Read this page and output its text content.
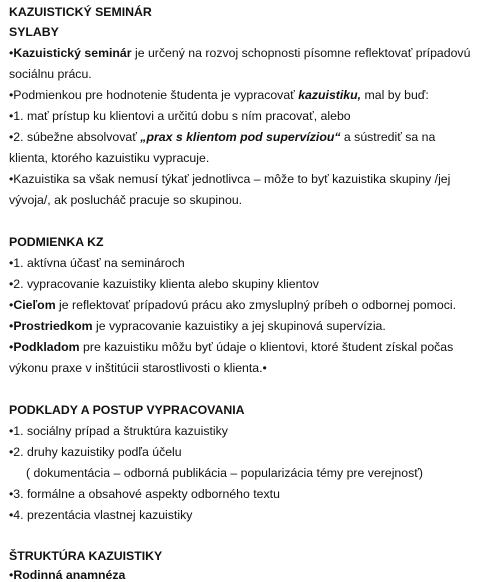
KAZUISTICKÝ SEMINÁR
SYLABY
•Kazuistický seminár je určený na rozvoj schopnosti písomne reflektovať prípadovú
sociálnu prácu.
•Podmienkou pre hodnotenie študenta je vypracovať kazuistiku, mal by buď:
•1. mať prístup ku klientovi a určitú dobu s ním pracovať, alebo
•2. súbežne absolvovať „prax s klientom pod supervíziou“ a sústrediť sa na
klienta, ktorého kazuistiku vypracuje.
•Kazuistika sa však nemusí týkať jednotlivca – môže to byť kazuistika skupiny /jej
vývoja/, ak poslucháč pracuje so skupinou.
PODMIENKA KZ
•1. aktívna účasť na seminároch
•2. vypracovanie kazuistiky klienta alebo skupiny klientov
•Cieľom je reflektovať prípadovú prácu ako zmysluplný príbeh o odbornej pomoci.
•Prostriedkom je vypracovanie kazuistiky a jej skupinová supervízia.
•Podkladom pre kazuistiku môžu byť údaje o klientovi, ktoré študent získal počas
výkonu praxe v inštitúcii starostlivosti o klienta.•
PODKLADY A POSTUP VYPRACOVANIA
•1. sociálny prípad a štruktúra kazuistiky
•2. druhy kazuistiky podľa účelu
( dokumentácia – odborná publikácia – popularizácia témy pre verejnosť)
•3. formálne a obsahové aspekty odborného textu
•4. prezentácia vlastnej kazuistiky
ŠTRUKTÚRA KAZUISTIKY
•Rodinná anamnéza
